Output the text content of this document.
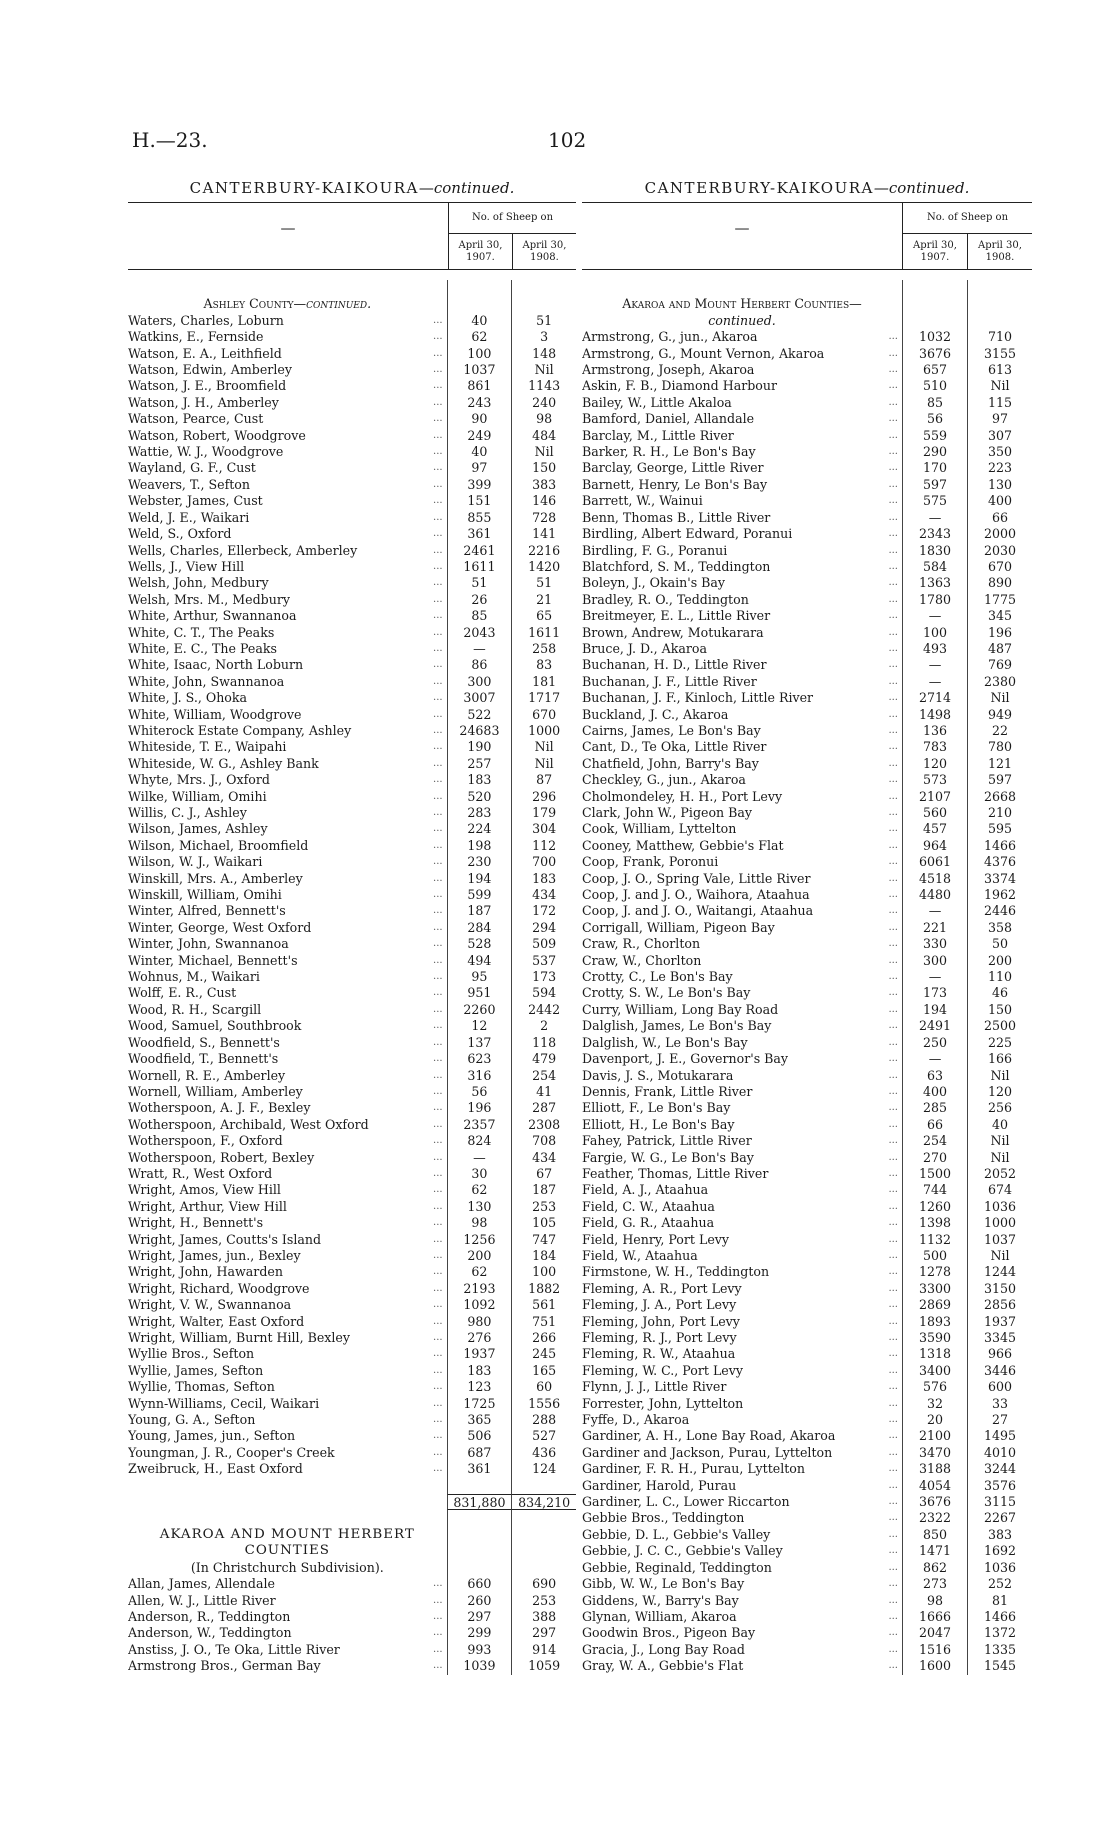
H.—23.	102
CANTERBURY-KAIKOURA—continued.
—
No. of Sheep on
April 30, 1907.
April 30, 1908.
Ashley County—continued.
Waters, Charles, Loburn	...	40	51
Watkins, E., Fernside	...	62	3
Watson, E. A., Leithfield	...	100	148
Watson, Edwin, Amberley	...	1037	Nil
Watson, J. E., Broomfield	...	861	1143
Watson, J. H., Amberley	...	243	240
Watson, Pearce, Cust	...	90	98
Watson, Robert, Woodgrove	...	249	484
Wattie, W. J., Woodgrove	...	40	Nil
Wayland, G. F., Cust	...	97	150
Weavers, T., Sefton	...	399	383
Webster, James, Cust	...	151	146
Weld, J. E., Waikari	...	855	728
Weld, S., Oxford	...	361	141
Wells, Charles, Ellerbeck, Amberley	...	2461	2216
Wells, J., View Hill	...	1611	1420
Welsh, John, Medbury	...	51	51
Welsh, Mrs. M., Medbury	...	26	21
White, Arthur, Swannanoa	...	85	65
White, C. T., The Peaks	...	2043	1611
White, E. C., The Peaks	...	—	258
White, Isaac, North Loburn	...	86	83
White, John, Swannanoa	...	300	181
White, J. S., Ohoka	...	3007	1717
White, William, Woodgrove	...	522	670
Whiterock Estate Company, Ashley	...	24683	1000
Whiteside, T. E., Waipahi	...	190	Nil
Whiteside, W. G., Ashley Bank	...	257	Nil
Whyte, Mrs. J., Oxford	...	183	87
Wilke, William, Omihi	...	520	296
Willis, C. J., Ashley	...	283	179
Wilson, James, Ashley	...	224	304
Wilson, Michael, Broomfield	...	198	112
Wilson, W. J., Waikari	...	230	700
Winskill, Mrs. A., Amberley	...	194	183
Winskill, William, Omihi	...	599	434
Winter, Alfred, Bennett's	...	187	172
Winter, George, West Oxford	...	284	294
Winter, John, Swannanoa	...	528	509
Winter, Michael, Bennett's	...	494	537
Wohnus, M., Waikari	...	95	173
Wolff, E. R., Cust	...	951	594
Wood, R. H., Scargill	...	2260	2442
Wood, Samuel, Southbrook	...	12	2
Woodfield, S., Bennett's	...	137	118
Woodfield, T., Bennett's	...	623	479
Wornell, R. E., Amberley	...	316	254
Wornell, William, Amberley	...	56	41
Wotherspoon, A. J. F., Bexley	...	196	287
Wotherspoon, Archibald, West Oxford	...	2357	2308
Wotherspoon, F., Oxford	...	824	708
Wotherspoon, Robert, Bexley	...	—	434
Wratt, R., West Oxford	...	30	67
Wright, Amos, View Hill	...	62	187
Wright, Arthur, View Hill	...	130	253
Wright, H., Bennett's	...	98	105
Wright, James, Coutts's Island	...	1256	747
Wright, James, jun., Bexley	...	200	184
Wright, John, Hawarden	...	62	100
Wright, Richard, Woodgrove	...	2193	1882
Wright, V. W., Swannanoa	...	1092	561
Wright, Walter, East Oxford	...	980	751
Wright, William, Burnt Hill, Bexley	...	276	266
Wyllie Bros., Sefton	...	1937	245
Wyllie, James, Sefton	...	183	165
Wyllie, Thomas, Sefton	...	123	60
Wynn-Williams, Cecil, Waikari	...	1725	1556
Young, G. A., Sefton	...	365	288
Young, James, jun., Sefton	...	506	527
Youngman, J. R., Cooper's Creek	...	687	436
Zweibruck, H., East Oxford	...	361	124
831,880	834,210
AKAROA AND MOUNT HERBERT
COUNTIES
(In Christchurch Subdivision).
Allan, James, Allendale	...	660	690
Allen, W. J., Little River	...	260	253
Anderson, R., Teddington	...	297	388
Anderson, W., Teddington	...	299	297
Anstiss, J. O., Te Oka, Little River	...	993	914
Armstrong Bros., German Bay	...	1039	1059
CANTERBURY-KAIKOURA—continued.
—
No. of Sheep on
April 30, 1907.
April 30, 1908.
Akaroa and Mount Herbert Counties—
continued.
Armstrong, G., jun., Akaroa	...	1032	710
Armstrong, G., Mount Vernon, Akaroa	...	3676	3155
Armstrong, Joseph, Akaroa	...	657	613
Askin, F. B., Diamond Harbour	...	510	Nil
Bailey, W., Little Akaloa	...	85	115
Bamford, Daniel, Allandale	...	56	97
Barclay, M., Little River	...	559	307
Barker, R. H., Le Bon's Bay	...	290	350
Barclay, George, Little River	...	170	223
Barnett, Henry, Le Bon's Bay	...	597	130
Barrett, W., Wainui	...	575	400
Benn, Thomas B., Little River	...	—	66
Birdling, Albert Edward, Poranui	...	2343	2000
Birdling, F. G., Poranui	...	1830	2030
Blatchford, S. M., Teddington	...	584	670
Boleyn, J., Okain's Bay	...	1363	890
Bradley, R. O., Teddington	...	1780	1775
Breitmeyer, E. L., Little River	...	—	345
Brown, Andrew, Motukarara	...	100	196
Bruce, J. D., Akaroa	...	493	487
Buchanan, H. D., Little River	...	—	769
Buchanan, J. F., Little River	...	—	2380
Buchanan, J. F., Kinloch, Little River	...	2714	Nil
Buckland, J. C., Akaroa	...	1498	949
Cairns, James, Le Bon's Bay	...	136	22
Cant, D., Te Oka, Little River	...	783	780
Chatfield, John, Barry's Bay	...	120	121
Checkley, G., jun., Akaroa	...	573	597
Cholmondeley, H. H., Port Levy	...	2107	2668
Clark, John W., Pigeon Bay	...	560	210
Cook, William, Lyttelton	...	457	595
Cooney, Matthew, Gebbie's Flat	...	964	1466
Coop, Frank, Poronui	...	6061	4376
Coop, J. O., Spring Vale, Little River	...	4518	3374
Coop, J. and J. O., Waihora, Ataahua	...	4480	1962
Coop, J. and J. O., Waitangi, Ataahua	...	—	2446
Corrigall, William, Pigeon Bay	...	221	358
Craw, R., Chorlton	...	330	50
Craw, W., Chorlton	...	300	200
Crotty, C., Le Bon's Bay	...	—	110
Crotty, S. W., Le Bon's Bay	...	173	46
Curry, William, Long Bay Road	...	194	150
Dalglish, James, Le Bon's Bay	...	2491	2500
Dalglish, W., Le Bon's Bay	...	250	225
Davenport, J. E., Governor's Bay	...	—	166
Davis, J. S., Motukarara	...	63	Nil
Dennis, Frank, Little River	...	400	120
Elliott, F., Le Bon's Bay	...	285	256
Elliott, H., Le Bon's Bay	...	66	40
Fahey, Patrick, Little River	...	254	Nil
Fargie, W. G., Le Bon's Bay	...	270	Nil
Feather, Thomas, Little River	...	1500	2052
Field, A. J., Ataahua	...	744	674
Field, C. W., Ataahua	...	1260	1036
Field, G. R., Ataahua	...	1398	1000
Field, Henry, Port Levy	...	1132	1037
Field, W., Ataahua	...	500	Nil
Firmstone, W. H., Teddington	...	1278	1244
Fleming, A. R., Port Levy	...	3300	3150
Fleming, J. A., Port Levy	...	2869	2856
Fleming, John, Port Levy	...	1893	1937
Fleming, R. J., Port Levy	...	3590	3345
Fleming, R. W., Ataahua	...	1318	966
Fleming, W. C., Port Levy	...	3400	3446
Flynn, J. J., Little River	...	576	600
Forrester, John, Lyttelton	...	32	33
Fyffe, D., Akaroa	...	20	27
Gardiner, A. H., Lone Bay Road, Akaroa	...	2100	1495
Gardiner and Jackson, Purau, Lyttelton	...	3470	4010
Gardiner, F. R. H., Purau, Lyttelton	...	3188	3244
Gardiner, Harold, Purau	...	4054	3576
Gardiner, L. C., Lower Riccarton	...	3676	3115
Gebbie Bros., Teddington	...	2322	2267
Gebbie, D. L., Gebbie's Valley	...	850	383
Gebbie, J. C. C., Gebbie's Valley	...	1471	1692
Gebbie, Reginald, Teddington	...	862	1036
Gibb, W. W., Le Bon's Bay	...	273	252
Giddens, W., Barry's Bay	...	98	81
Glynan, William, Akaroa	...	1666	1466
Goodwin Bros., Pigeon Bay	...	2047	1372
Gracia, J., Long Bay Road	...	1516	1335
Gray, W. A., Gebbie's Flat	...	1600	1545
